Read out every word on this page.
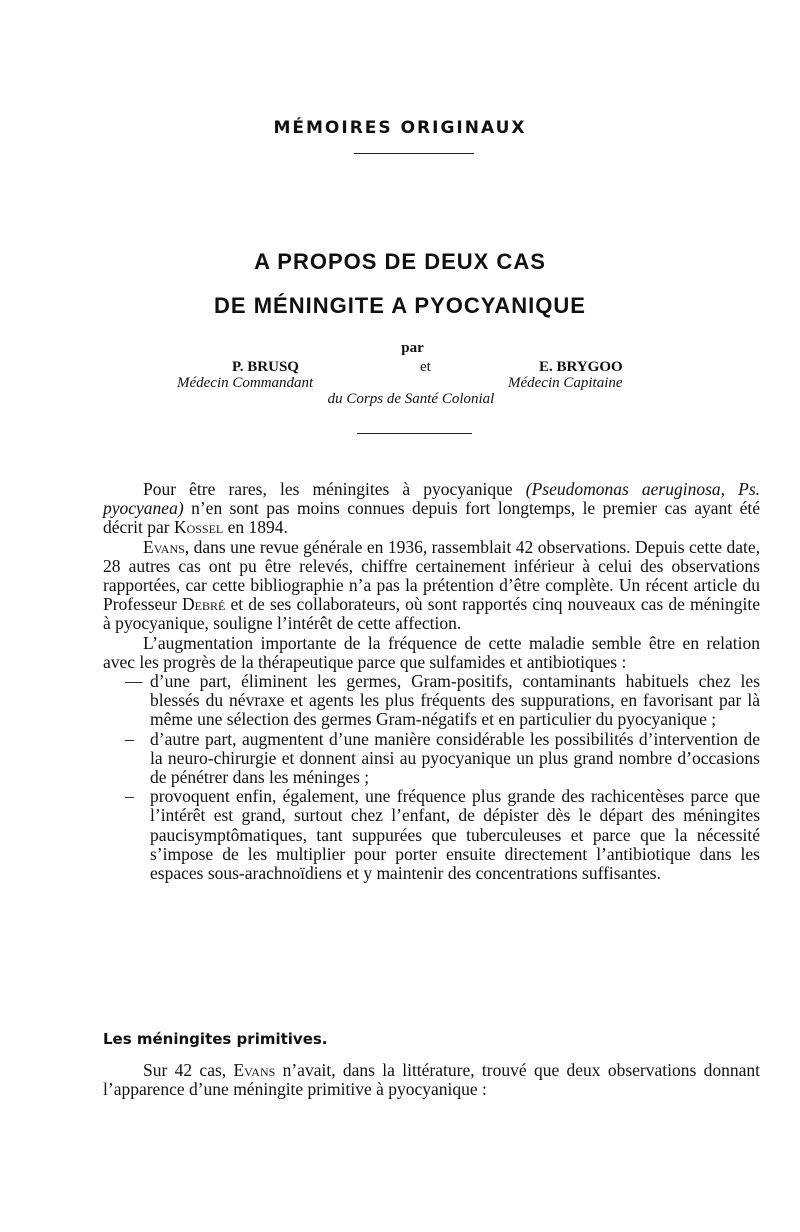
MÉMOIRES ORIGINAUX
A PROPOS DE DEUX CAS
DE MÉNINGITE A PYOCYANIQUE
par
P. BRUSQ	et	E. BRYGOO
Médecin Commandant	Médecin Capitaine
du Corps de Santé Colonial

Pour être rares, les méningites à pyocyanique (Pseudomonas aeruginosa, Ps. pyocyanea) n’en sont pas moins connues depuis fort longtemps, le premier cas ayant été décrit par Kossel en 1894.

Evans, dans une revue générale en 1936, rassemblait 42 observations. Depuis cette date, 28 autres cas ont pu être relevés, chiffre certainement inférieur à celui des observations rapportées, car cette bibliographie n’a pas la prétention d’être complète. Un récent article du Professeur Debré et de ses collaborateurs, où sont rapportés cinq nouveaux cas de méningite à pyocyanique, souligne l’intérêt de cette affection.

L’augmentation importante de la fréquence de cette maladie semble être en relation avec les progrès de la thérapeutique parce que sulfamides et antibiotiques :

— d’une part, éliminent les germes, Gram-positifs, contaminants habituels chez les blessés du névraxe et agents les plus fréquents des suppurations, en favorisant par là même une sélection des germes Gram-négatifs et en particulier du pyocyanique ;
– d’autre part, augmentent d’une manière considérable les possibilités d’intervention de la neuro-chirurgie et donnent ainsi au pyocyanique un plus grand nombre d’occasions de pénétrer dans les méninges ;
– provoquent enfin, également, une fréquence plus grande des rachicentèses parce que l’intérêt est grand, surtout chez l’enfant, de dépister dès le départ des méningites paucisymptômatiques, tant suppurées que tuberculeuses et parce que la nécessité s’impose de les multiplier pour porter ensuite directement l’antibiotique dans les espaces sous-arachnoïdiens et y maintenir des concentrations suffisantes.
Les méningites primitives.

Sur 42 cas, Evans n’avait, dans la littérature, trouvé que deux observations donnant l’apparence d’une méningite primitive à pyocyanique :
